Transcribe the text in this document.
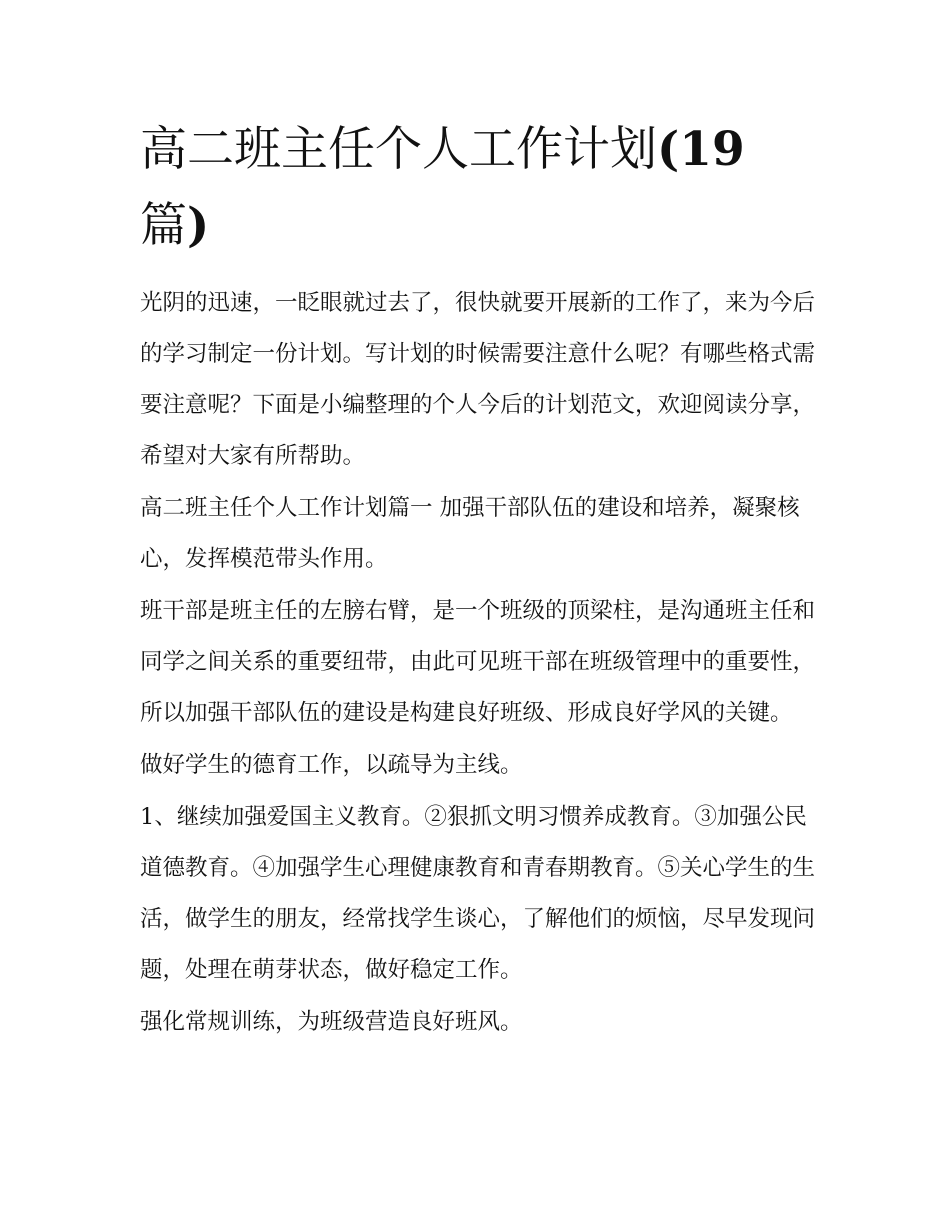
高二班主任个人工作计划(19
篇)

光阴的迅速，一眨眼就过去了，很快就要开展新的工作了，来为今后的学习制定一份计划。写计划的时候需要注意什么呢？有哪些格式需要注意呢？下面是小编整理的个人今后的计划范文，欢迎阅读分享，希望对大家有所帮助。

高二班主任个人工作计划篇一 加强干部队伍的建设和培养，凝聚核心，发挥模范带头作用。

班干部是班主任的左膀右臂，是一个班级的顶梁柱，是沟通班主任和同学之间关系的重要纽带，由此可见班干部在班级管理中的重要性，所以加强干部队伍的建设是构建良好班级、形成良好学风的关键。

做好学生的德育工作，以疏导为主线。

1、继续加强爱国主义教育。②狠抓文明习惯养成教育。③加强公民道德教育。④加强学生心理健康教育和青春期教育。⑤关心学生的生活，做学生的朋友，经常找学生谈心，了解他们的烦恼，尽早发现问题，处理在萌芽状态，做好稳定工作。

强化常规训练，为班级营造良好班风。
